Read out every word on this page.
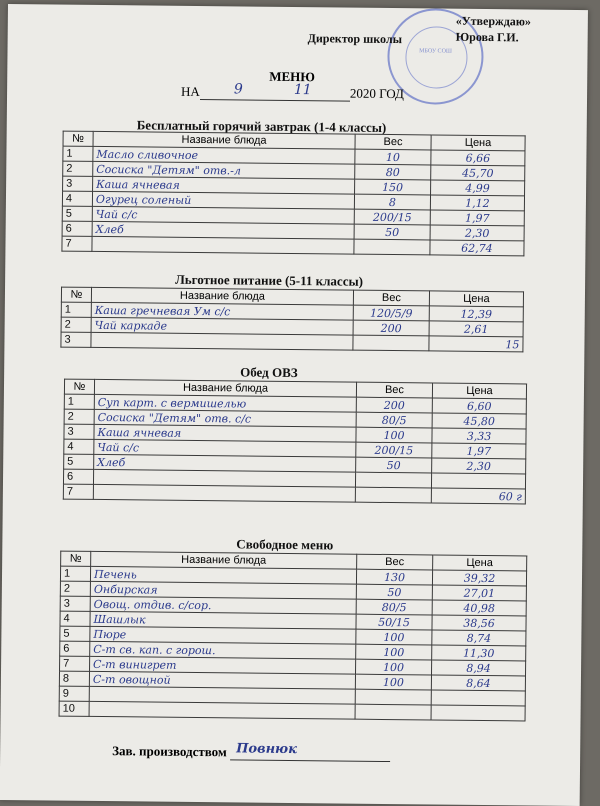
МБОУ СОШ
«Утверждаю»
Юрова Г.И.
Директор школы
МЕНЮ
НА 9	11	2020 ГОД
Бесплатный горячий завтрак (1-4 классы)
№	Название блюда	Вес	Цена
1	Масло сливочное	10	6,66
2	Сосиска "Детям" отв.-л	80	45,70
3	Каша ячневая	150	4,99
4	Огурец соленый	8	1,12
5	Чай с/с	200/15	1,97
6	Хлеб	50	2,30
7			62,74
Льготное питание (5-11 классы)
№	Название блюда	Вес	Цена
1	Каша гречневая Ум с/с	120/5/9	12,39
2	Чай каркаде	200	2,61
3			15
Обед ОВЗ
№	Название блюда	Вес	Цена
1	Суп карт. с вермишелью	200	6,60
2	Сосиска "Детям" отв. с/с	80/5	45,80
3	Каша ячневая	100	3,33
4	Чай с/с	200/15	1,97
5	Хлеб	50	2,30
6			
7			60 г
Свободное меню
№	Название блюда	Вес	Цена
1	Печень	130	39,32
2	Онбирская	50	27,01
3	Овощ. отдив. с/сор.	80/5	40,98
4	Шашлык	50/15	38,56
5	Пюре	100	8,74
6	С-т св. кап. с горош.	100	11,30
7	С-т винигрет	100	8,94
8	С-т овощной	100	8,64
9			
10			
Зав. производством Повнюк
